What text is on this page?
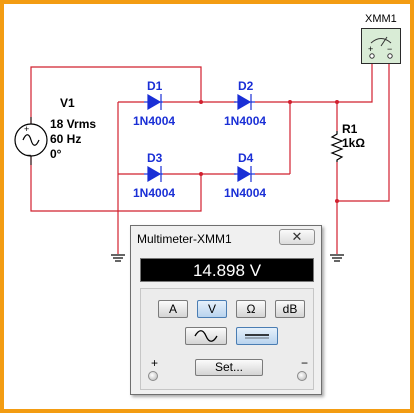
+
−
V1
18 Vrms
60 Hz
0°
D1
1N4004
D2
1N4004
D3
1N4004
D4
1N4004
R1
1kΩ
XMM1
+ −
Multimeter-XMM1	✕
14.898 V
A	V	Ω	dB
+	−
Set...
